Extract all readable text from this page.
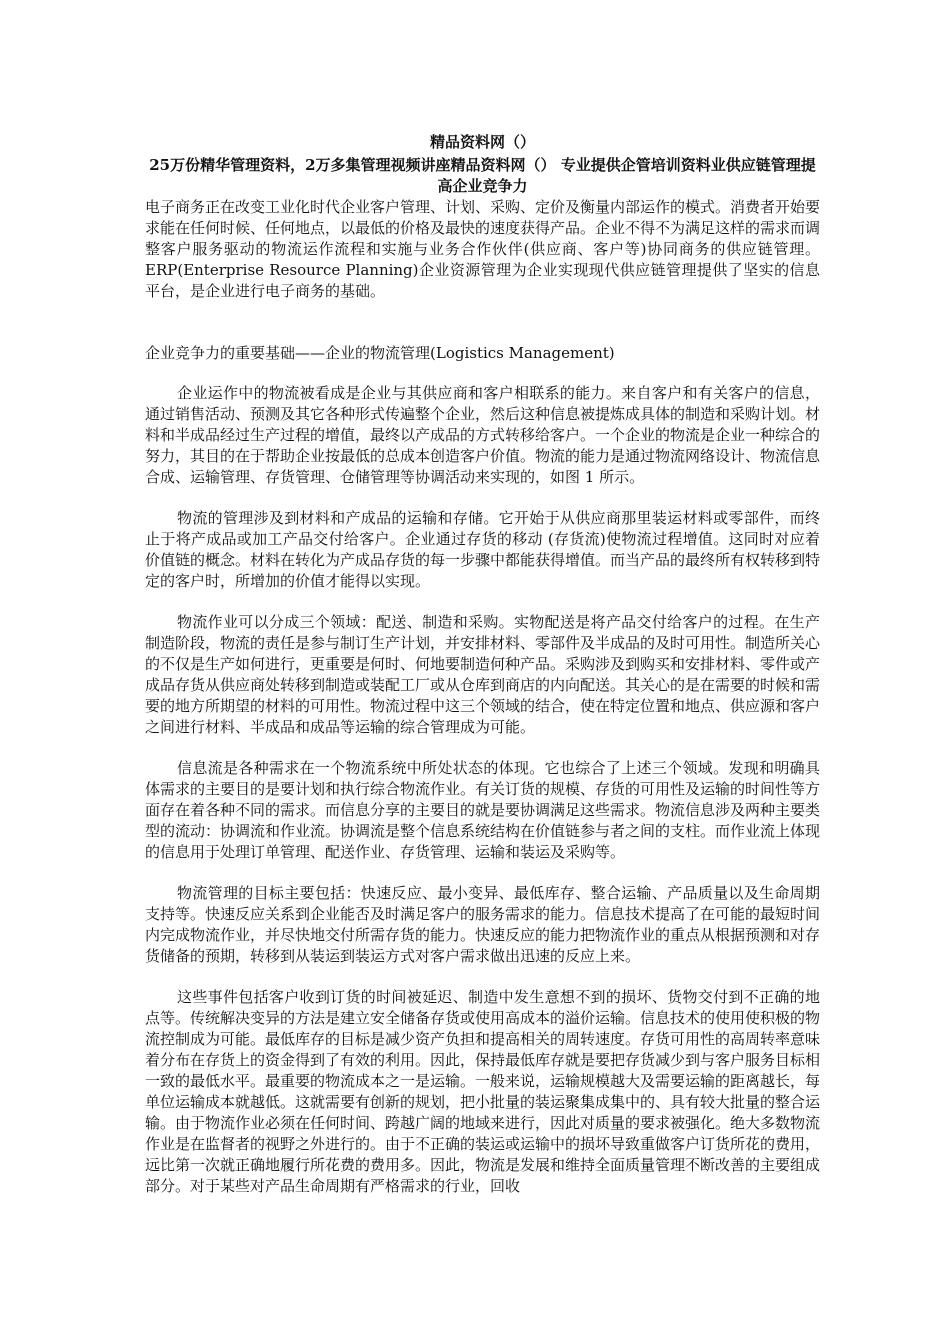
精品资料网（）
25万份精华管理资料，2万多集管理视频讲座精品资料网（） 专业提供企管培训资料业供应链管理提高企业竞争力

电子商务正在改变工业化时代企业客户管理、计划、采购、定价及衡量内部运作的模式。消费者开始要求能在任何时候、任何地点，以最低的价格及最快的速度获得产品。企业不得不为满足这样的需求而调整客户服务驱动的物流运作流程和实施与业务合作伙伴(供应商、客户等)协同商务的供应链管理。ERP(Enterprise Resource Planning)企业资源管理为企业实现现代供应链管理提供了坚实的信息平台，是企业进行电子商务的基础。

企业竞争力的重要基础——企业的物流管理(Logistics Management)

企业运作中的物流被看成是企业与其供应商和客户相联系的能力。来自客户和有关客户的信息，通过销售活动、预测及其它各种形式传遍整个企业，然后这种信息被提炼成具体的制造和采购计划。材料和半成品经过生产过程的增值，最终以产成品的方式转移给客户。一个企业的物流是企业一种综合的努力，其目的在于帮助企业按最低的总成本创造客户价值。物流的能力是通过物流网络设计、物流信息合成、运输管理、存货管理、仓储管理等协调活动来实现的，如图 1 所示。

物流的管理涉及到材料和产成品的运输和存储。它开始于从供应商那里装运材料或零部件，而终止于将产成品或加工产品交付给客户。企业通过存货的移动 (存货流)使物流过程增值。这同时对应着价值链的概念。材料在转化为产成品存货的每一步骤中都能获得增值。而当产品的最终所有权转移到特定的客户时，所增加的价值才能得以实现。

物流作业可以分成三个领域：配送、制造和采购。实物配送是将产品交付给客户的过程。在生产制造阶段，物流的责任是参与制订生产计划，并安排材料、零部件及半成品的及时可用性。制造所关心的不仅是生产如何进行，更重要是何时、何地要制造何种产品。采购涉及到购买和安排材料、零件或产成品存货从供应商处转移到制造或装配工厂或从仓库到商店的内向配送。其关心的是在需要的时候和需要的地方所期望的材料的可用性。物流过程中这三个领域的结合，使在特定位置和地点、供应源和客户之间进行材料、半成品和成品等运输的综合管理成为可能。

信息流是各种需求在一个物流系统中所处状态的体现。它也综合了上述三个领域。发现和明确具体需求的主要目的是要计划和执行综合物流作业。有关订货的规模、存货的可用性及运输的时间性等方面存在着各种不同的需求。而信息分享的主要目的就是要协调满足这些需求。物流信息涉及两种主要类型的流动：协调流和作业流。协调流是整个信息系统结构在价值链参与者之间的支柱。而作业流上体现的信息用于处理订单管理、配送作业、存货管理、运输和装运及采购等。

物流管理的目标主要包括：快速反应、最小变异、最低库存、整合运输、产品质量以及生命周期支持等。快速反应关系到企业能否及时满足客户的服务需求的能力。信息技术提高了在可能的最短时间内完成物流作业，并尽快地交付所需存货的能力。快速反应的能力把物流作业的重点从根据预测和对存货储备的预期，转移到从装运到装运方式对客户需求做出迅速的反应上来。

这些事件包括客户收到订货的时间被延迟、制造中发生意想不到的损坏、货物交付到不正确的地点等。传统解决变异的方法是建立安全储备存货或使用高成本的溢价运输。信息技术的使用使积极的物流控制成为可能。最低库存的目标是减少资产负担和提高相关的周转速度。存货可用性的高周转率意味着分布在存货上的资金得到了有效的利用。因此，保持最低库存就是要把存货减少到与客户服务目标相一致的最低水平。最重要的物流成本之一是运输。一般来说，运输规模越大及需要运输的距离越长，每单位运输成本就越低。这就需要有创新的规划，把小批量的装运聚集成集中的、具有较大批量的整合运输。由于物流作业必须在任何时间、跨越广阔的地域来进行，因此对质量的要求被强化。绝大多数物流作业是在监督者的视野之外进行的。由于不正确的装运或运输中的损坏导致重做客户订货所花的费用，远比第一次就正确地履行所花费的费用多。因此，物流是发展和维持全面质量管理不断改善的主要组成部分。对于某些对产品生命周期有严格需求的行业，回收
